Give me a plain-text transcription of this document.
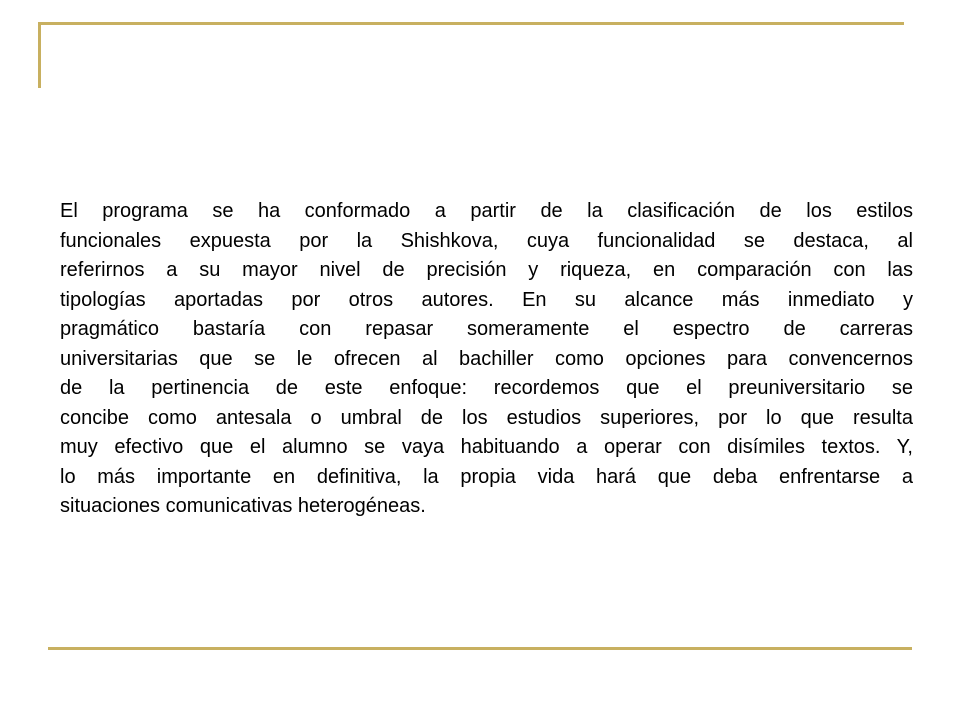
El programa se ha conformado a partir de la clasificación de los estilos
funcionales expuesta por la Shishkova, cuya funcionalidad se destaca, al
referirnos a su mayor nivel de precisión y riqueza, en comparación con las
tipologías aportadas por otros autores. En su alcance más inmediato y
pragmático bastaría con repasar someramente el espectro de carreras
universitarias que se le ofrecen al bachiller como opciones para convencernos
de la pertinencia de este enfoque: recordemos que el preuniversitario se
concibe como antesala o umbral de los estudios superiores, por lo que resulta
muy efectivo que el alumno se vaya habituando a operar con disímiles textos. Y,
lo más importante en definitiva, la propia vida hará que deba enfrentarse a
situaciones comunicativas heterogéneas.
